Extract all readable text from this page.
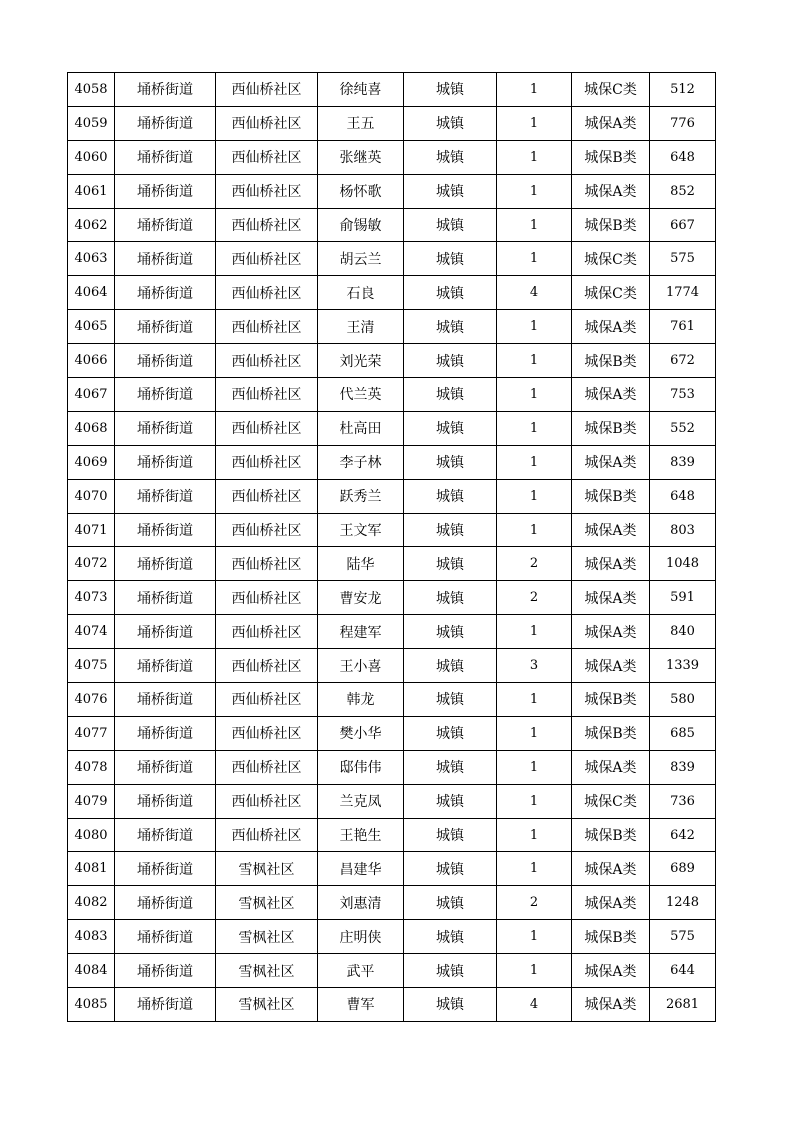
4058	埇桥街道	西仙桥社区	徐纯喜	城镇	1	城保C类	512
4059	埇桥街道	西仙桥社区	王五	城镇	1	城保A类	776
4060	埇桥街道	西仙桥社区	张继英	城镇	1	城保B类	648
4061	埇桥街道	西仙桥社区	杨怀歌	城镇	1	城保A类	852
4062	埇桥街道	西仙桥社区	俞锡敏	城镇	1	城保B类	667
4063	埇桥街道	西仙桥社区	胡云兰	城镇	1	城保C类	575
4064	埇桥街道	西仙桥社区	石良	城镇	4	城保C类	1774
4065	埇桥街道	西仙桥社区	王清	城镇	1	城保A类	761
4066	埇桥街道	西仙桥社区	刘光荣	城镇	1	城保B类	672
4067	埇桥街道	西仙桥社区	代兰英	城镇	1	城保A类	753
4068	埇桥街道	西仙桥社区	杜高田	城镇	1	城保B类	552
4069	埇桥街道	西仙桥社区	李子林	城镇	1	城保A类	839
4070	埇桥街道	西仙桥社区	跃秀兰	城镇	1	城保B类	648
4071	埇桥街道	西仙桥社区	王文军	城镇	1	城保A类	803
4072	埇桥街道	西仙桥社区	陆华	城镇	2	城保A类	1048
4073	埇桥街道	西仙桥社区	曹安龙	城镇	2	城保A类	591
4074	埇桥街道	西仙桥社区	程建军	城镇	1	城保A类	840
4075	埇桥街道	西仙桥社区	王小喜	城镇	3	城保A类	1339
4076	埇桥街道	西仙桥社区	韩龙	城镇	1	城保B类	580
4077	埇桥街道	西仙桥社区	樊小华	城镇	1	城保B类	685
4078	埇桥街道	西仙桥社区	邸伟伟	城镇	1	城保A类	839
4079	埇桥街道	西仙桥社区	兰克凤	城镇	1	城保C类	736
4080	埇桥街道	西仙桥社区	王艳生	城镇	1	城保B类	642
4081	埇桥街道	雪枫社区	昌建华	城镇	1	城保A类	689
4082	埇桥街道	雪枫社区	刘惠清	城镇	2	城保A类	1248
4083	埇桥街道	雪枫社区	庄明侠	城镇	1	城保B类	575
4084	埇桥街道	雪枫社区	武平	城镇	1	城保A类	644
4085	埇桥街道	雪枫社区	曹军	城镇	4	城保A类	2681
